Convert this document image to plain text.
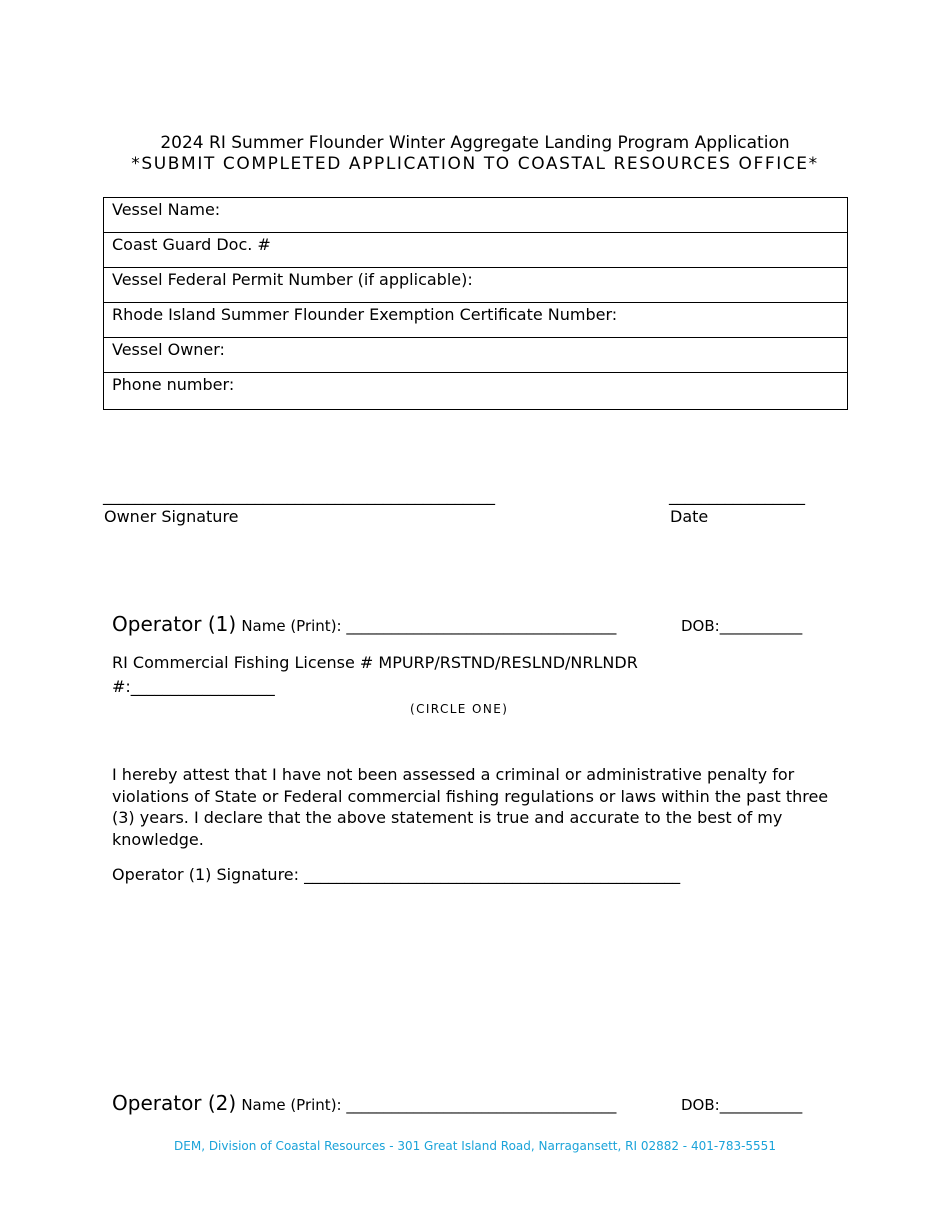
2024 RI Summer Flounder Winter Aggregate Landing Program Application
*SUBMIT COMPLETED APPLICATION TO COASTAL RESOURCES OFFICE*
Vessel Name:
Coast Guard Doc. #
Vessel Federal Permit Number (if applicable):
Rhode Island Summer Flounder Exemption Certificate Number:
Vessel Owner:
Phone number:
_________________________________________________	_________________
Owner Signature	Date
Operator (1) Name (Print): ____________________________________	DOB:___________
RI Commercial Fishing License # MPURP/RSTND/RESLND/NRLNDR
#:__________________
(CIRCLE ONE)
I hereby attest that I have not been assessed a criminal or administrative penalty for violations of State or Federal commercial fishing regulations or laws within the past three (3) years. I declare that the above statement is true and accurate to the best of my knowledge.
Operator (1) Signature: _______________________________________________
Operator (2) Name (Print): ____________________________________	DOB:___________
DEM, Division of Coastal Resources - 301 Great Island Road, Narragansett, RI 02882 - 401-783-5551
